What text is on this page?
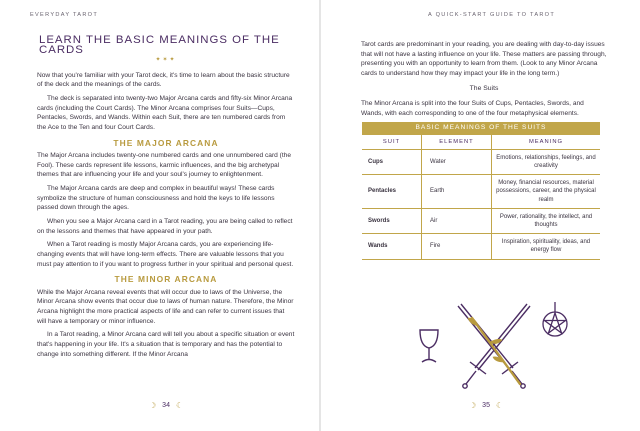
EVERYDAY TAROT
LEARN THE BASIC MEANINGS OF THE CARDS
✦✶✦

Now that you're familiar with your Tarot deck, it's time to learn about the basic structure of the deck and the meanings of the cards.

The deck is separated into twenty-two Major Arcana cards and fifty-six Minor Arcana cards (including the Court Cards). The Minor Arcana comprises four Suits—Cups, Pentacles, Swords, and Wands. Within each Suit, there are ten numbered cards from the Ace to the Ten and four Court Cards.

THE MAJOR ARCANA

The Major Arcana includes twenty-one numbered cards and one unnumbered card (the Fool). These cards represent life lessons, karmic influences, and the big archetypal themes that are influencing your life and your soul's journey to enlightenment.

The Major Arcana cards are deep and complex in beautiful ways! These cards symbolize the structure of human consciousness and hold the keys to life lessons passed down through the ages.

When you see a Major Arcana card in a Tarot reading, you are being called to reflect on the lessons and themes that have appeared in your path.

When a Tarot reading is mostly Major Arcana cards, you are experiencing life-changing events that will have long-term effects. There are valuable lessons that you must pay attention to if you want to progress further in your spiritual and personal quest.

THE MINOR ARCANA

While the Major Arcana reveal events that will occur due to laws of the Universe, the Minor Arcana show events that occur due to laws of human nature. Therefore, the Minor Arcana highlight the more practical aspects of life and can refer to current issues that will have a temporary or minor influence.

In a Tarot reading, a Minor Arcana card will tell you about a specific situation or event that's happening in your life. It's a situation that is temporary and has the potential to change into something different. If the Minor Arcana

☽ 34 ☾
A QUICK-START GUIDE TO TAROT

Tarot cards are predominant in your reading, you are dealing with day-to-day issues that will not have a lasting influence on your life. These matters are passing through, presenting you with an opportunity to learn from them. (Look to any Minor Arcana cards to understand how they may impact your life in the long term.)

The Suits

The Minor Arcana is split into the four Suits of Cups, Pentacles, Swords, and Wands, with each corresponding to one of the four metaphysical elements.

BASIC MEANINGS OF THE SUITS
SUIT	ELEMENT	MEANING
Cups	Water	Emotions, relationships, feelings, and creativity
Pentacles	Earth	Money, financial resources, material possessions, career, and the physical realm
Swords	Air	Power, rationality, the intellect, and thoughts
Wands	Fire	Inspiration, spirituality, ideas, and energy flow
☽ 35 ☾
